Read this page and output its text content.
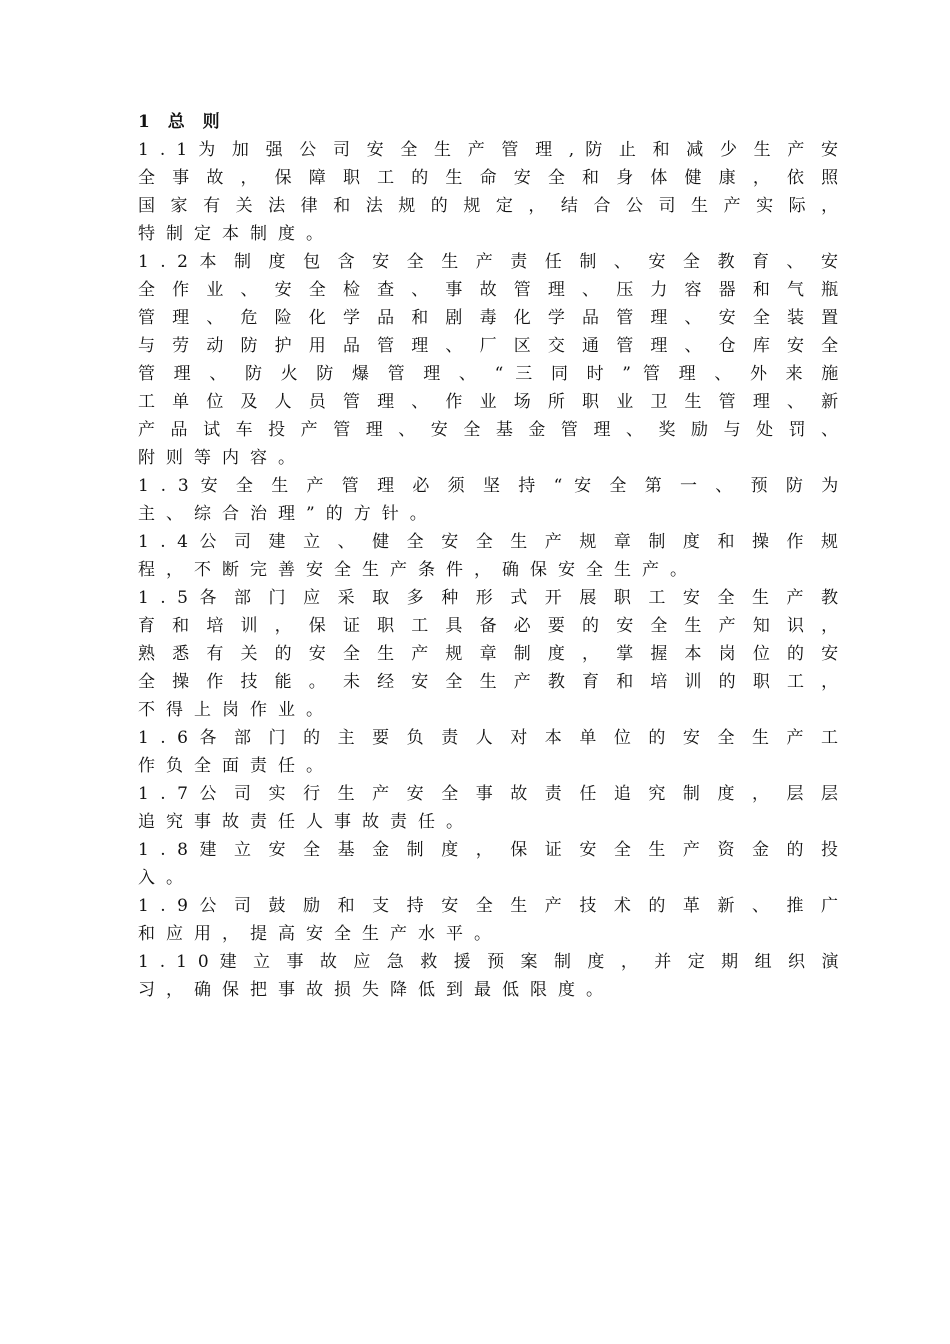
1 总 则
1 . 1 为 加 强 公 司 安 全 生 产 管 理 , 防 止 和 减 少 生 产 安
全 事 故 ， 保 障 职 工 的 生 命 安 全 和 身 体 健 康 ， 依 照
国 家 有 关 法 律 和 法 规 的 规 定 ， 结 合 公 司 生 产 实 际 ，
特制定本制度。
1 . 2 本 制 度 包 含 安 全 生 产 责 任 制 、 安 全 教 育 、 安
全 作 业 、 安 全 检 查 、 事 故 管 理 、 压 力 容 器 和 气 瓶
管 理 、 危 险 化 学 品 和 剧 毒 化 学 品 管 理 、 安 全 装 置
与 劳 动 防 护 用 品 管 理 、 厂 区 交 通 管 理 、 仓 库 安 全
管 理 、 防 火 防 爆 管 理 、 “ 三 同 时 ” 管 理 、 外 来 施
工 单 位 及 人 员 管 理 、 作 业 场 所 职 业 卫 生 管 理 、 新
产 品 试 车 投 产 管 理 、 安 全 基 金 管 理 、 奖 励 与 处 罚 、
附则等内容。
1 . 3 安 全 生 产 管 理 必 须 坚 持 “ 安 全 第 一 、 预 防 为
主、综合治理”的方针。
1 . 4 公 司 建 立 、 健 全 安 全 生 产 规 章 制 度 和 操 作 规
程，不断完善安全生产条件，确保安全生产。
1 . 5 各 部 门 应 采 取 多 种 形 式 开 展 职 工 安 全 生 产 教
育 和 培 训 ， 保 证 职 工 具 备 必 要 的 安 全 生 产 知 识 ，
熟 悉 有 关 的 安 全 生 产 规 章 制 度 ， 掌 握 本 岗 位 的 安
全 操 作 技 能 。 未 经 安 全 生 产 教 育 和 培 训 的 职 工 ，
不得上岗作业。
1 . 6 各 部 门 的 主 要 负 责 人 对 本 单 位 的 安 全 生 产 工
作负全面责任。
1 . 7 公 司 实 行 生 产 安 全 事 故 责 任 追 究 制 度 ， 层 层
追究事故责任人事故责任。
1 . 8 建 立 安 全 基 金 制 度 ， 保 证 安 全 生 产 资 金 的 投
入。
1 . 9 公 司 鼓 励 和 支 持 安 全 生 产 技 术 的 革 新 、 推 广
和应用，提高安全生产水平。
1 . 1 0 建 立 事 故 应 急 救 援 预 案 制 度 ， 并 定 期 组 织 演
习，确保把事故损失降低到最低限度。
